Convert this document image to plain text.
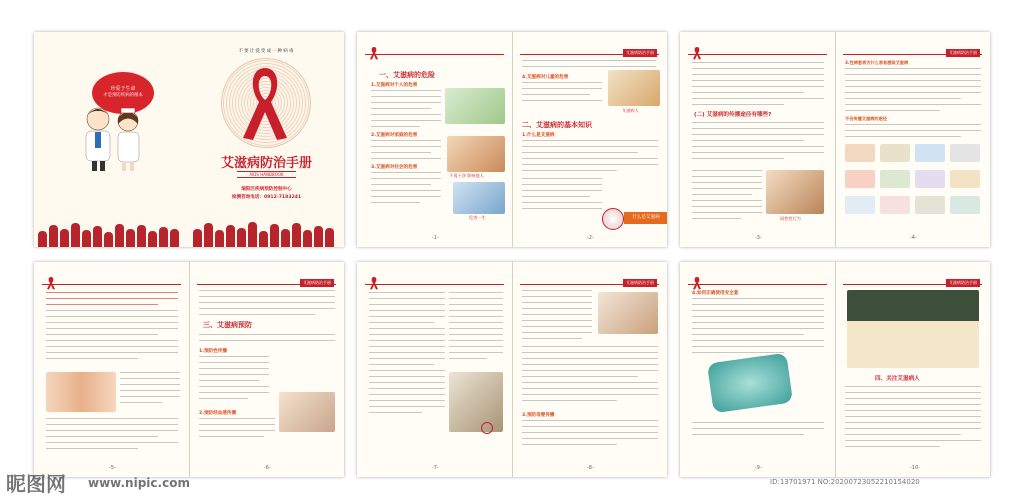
珍爱于生命
才是预防疾病的根本
不要让爱变成一种病毒
艾滋病防治手册
AIDS HANDBOOK
瑞阳区疾病预防控制中心
检测咨询电话：0912-7183241
一、艾滋病的危险
1.艾滋病对个人的危害
2.艾滋病对家庭的危害
不再干净 影响他人
3.艾滋病对社会的危害
危害一生
-1-
艾滋病防治手册
4.艾滋病对儿童的危害
艾滋病人
二、艾滋病的基本知识
1.什么是艾滋病
什么是艾滋病
-2-
(二) 艾滋病的传播途径有哪些?
同性性行为
-3-
艾滋病防治手册
3.性病患者为什么容易感染艾滋病
不会传播艾滋病的途径
-4-
-5-
艾滋病防治手册
三、艾滋病预防
1.预防性传播
2.预防经血液传播
-6-	-7-
艾滋病防治手册
3.预防母婴传播
-8-
4.如何正确使用安全套
-9-
艾滋病防治手册
四、关注艾滋病人
-10-
昵图网 www.nipic.com	ID:13701971 NO:20200723052210154020
